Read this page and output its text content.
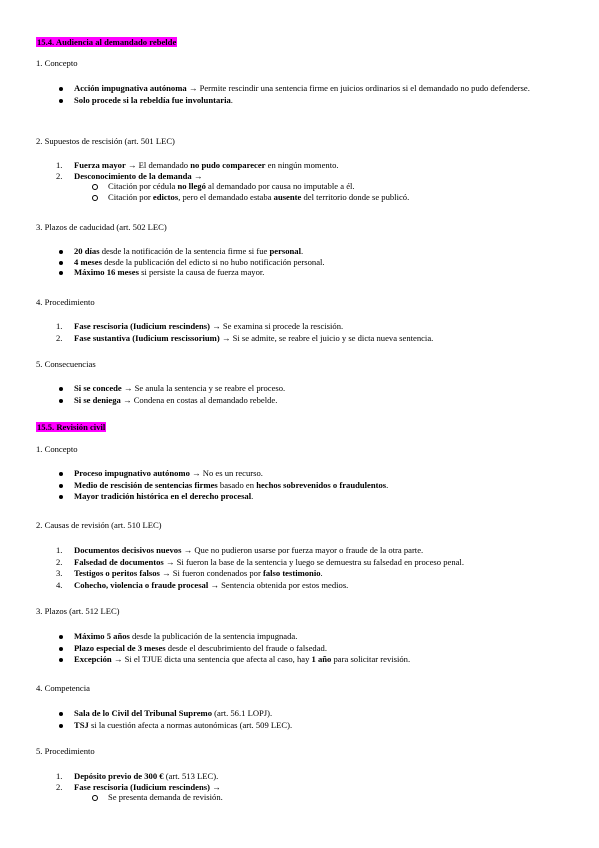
15.4. Audiencia al demandado rebelde
1. Concepto
Acción impugnativa autónoma → Permite rescindir una sentencia firme en juicios ordinarios si el demandado no pudo defenderse.
Solo procede si la rebeldía fue involuntaria.
2. Supuestos de rescisión (art. 501 LEC)
1.	Fuerza mayor → El demandado no pudo comparecer en ningún momento.
2.	Desconocimiento de la demanda →
Citación por cédula no llegó al demandado por causa no imputable a él.
Citación por edictos, pero el demandado estaba ausente del territorio donde se publicó.
3. Plazos de caducidad (art. 502 LEC)
20 días desde la notificación de la sentencia firme si fue personal.
4 meses desde la publicación del edicto si no hubo notificación personal.
Máximo 16 meses si persiste la causa de fuerza mayor.
4. Procedimiento
1.	Fase rescisoria (Iudicium rescindens) → Se examina si procede la rescisión.
2.	Fase sustantiva (Iudicium rescissorium) → Si se admite, se reabre el juicio y se dicta nueva sentencia.
5. Consecuencias
Si se concede → Se anula la sentencia y se reabre el proceso.
Si se deniega → Condena en costas al demandado rebelde.
15.5. Revisión civil
1. Concepto
Proceso impugnativo autónomo → No es un recurso.
Medio de rescisión de sentencias firmes basado en hechos sobrevenidos o fraudulentos.
Mayor tradición histórica en el derecho procesal.
2. Causas de revisión (art. 510 LEC)
1.	Documentos decisivos nuevos → Que no pudieron usarse por fuerza mayor o fraude de la otra parte.
2.	Falsedad de documentos → Si fueron la base de la sentencia y luego se demuestra su falsedad en proceso penal.
3.	Testigos o peritos falsos → Si fueron condenados por falso testimonio.
4.	Cohecho, violencia o fraude procesal → Sentencia obtenida por estos medios.
3. Plazos (art. 512 LEC)
Máximo 5 años desde la publicación de la sentencia impugnada.
Plazo especial de 3 meses desde el descubrimiento del fraude o falsedad.
Excepción → Si el TJUE dicta una sentencia que afecta al caso, hay 1 año para solicitar revisión.
4. Competencia
Sala de lo Civil del Tribunal Supremo (art. 56.1 LOPJ).
TSJ si la cuestión afecta a normas autonómicas (art. 509 LEC).
5. Procedimiento
1.	Depósito previo de 300 € (art. 513 LEC).
2.	Fase rescisoria (Iudicium rescindens) →
Se presenta demanda de revisión.
